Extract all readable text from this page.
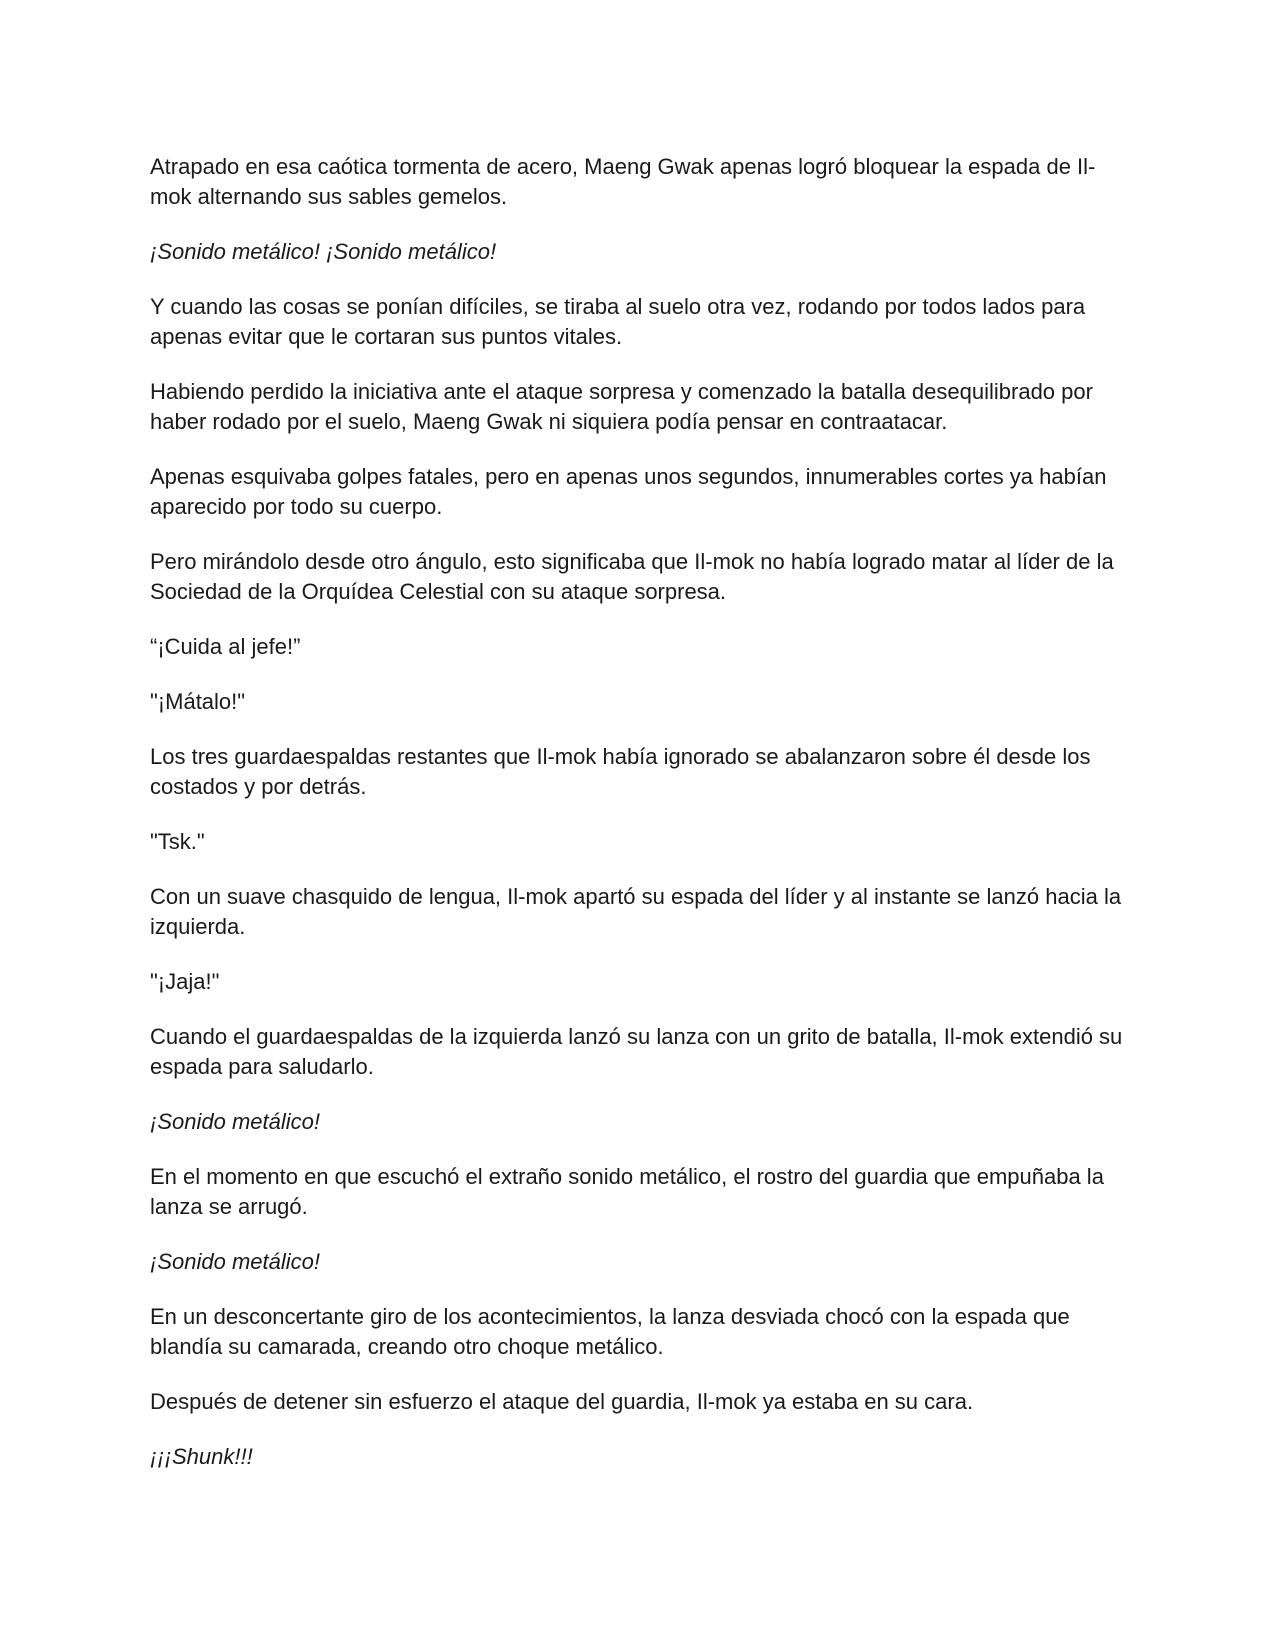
Atrapado en esa caótica tormenta de acero, Maeng Gwak apenas logró bloquear la espada de Il-mok alternando sus sables gemelos.

¡Sonido metálico! ¡Sonido metálico!

Y cuando las cosas se ponían difíciles, se tiraba al suelo otra vez, rodando por todos lados para apenas evitar que le cortaran sus puntos vitales.

Habiendo perdido la iniciativa ante el ataque sorpresa y comenzado la batalla desequilibrado por haber rodado por el suelo, Maeng Gwak ni siquiera podía pensar en contraatacar.

Apenas esquivaba golpes fatales, pero en apenas unos segundos, innumerables cortes ya habían aparecido por todo su cuerpo.

Pero mirándolo desde otro ángulo, esto significaba que Il-mok no había logrado matar al líder de la Sociedad de la Orquídea Celestial con su ataque sorpresa.

“¡Cuida al jefe!”

"¡Mátalo!"

Los tres guardaespaldas restantes que Il-mok había ignorado se abalanzaron sobre él desde los costados y por detrás.

"Tsk."

Con un suave chasquido de lengua, Il-mok apartó su espada del líder y al instante se lanzó hacia la izquierda.

"¡Jaja!"

Cuando el guardaespaldas de la izquierda lanzó su lanza con un grito de batalla, Il-mok extendió su espada para saludarlo.

¡Sonido metálico!

En el momento en que escuchó el extraño sonido metálico, el rostro del guardia que empuñaba la lanza se arrugó.

¡Sonido metálico!

En un desconcertante giro de los acontecimientos, la lanza desviada chocó con la espada que blandía su camarada, creando otro choque metálico.

Después de detener sin esfuerzo el ataque del guardia, Il-mok ya estaba en su cara.

¡¡¡Shunk!!!
